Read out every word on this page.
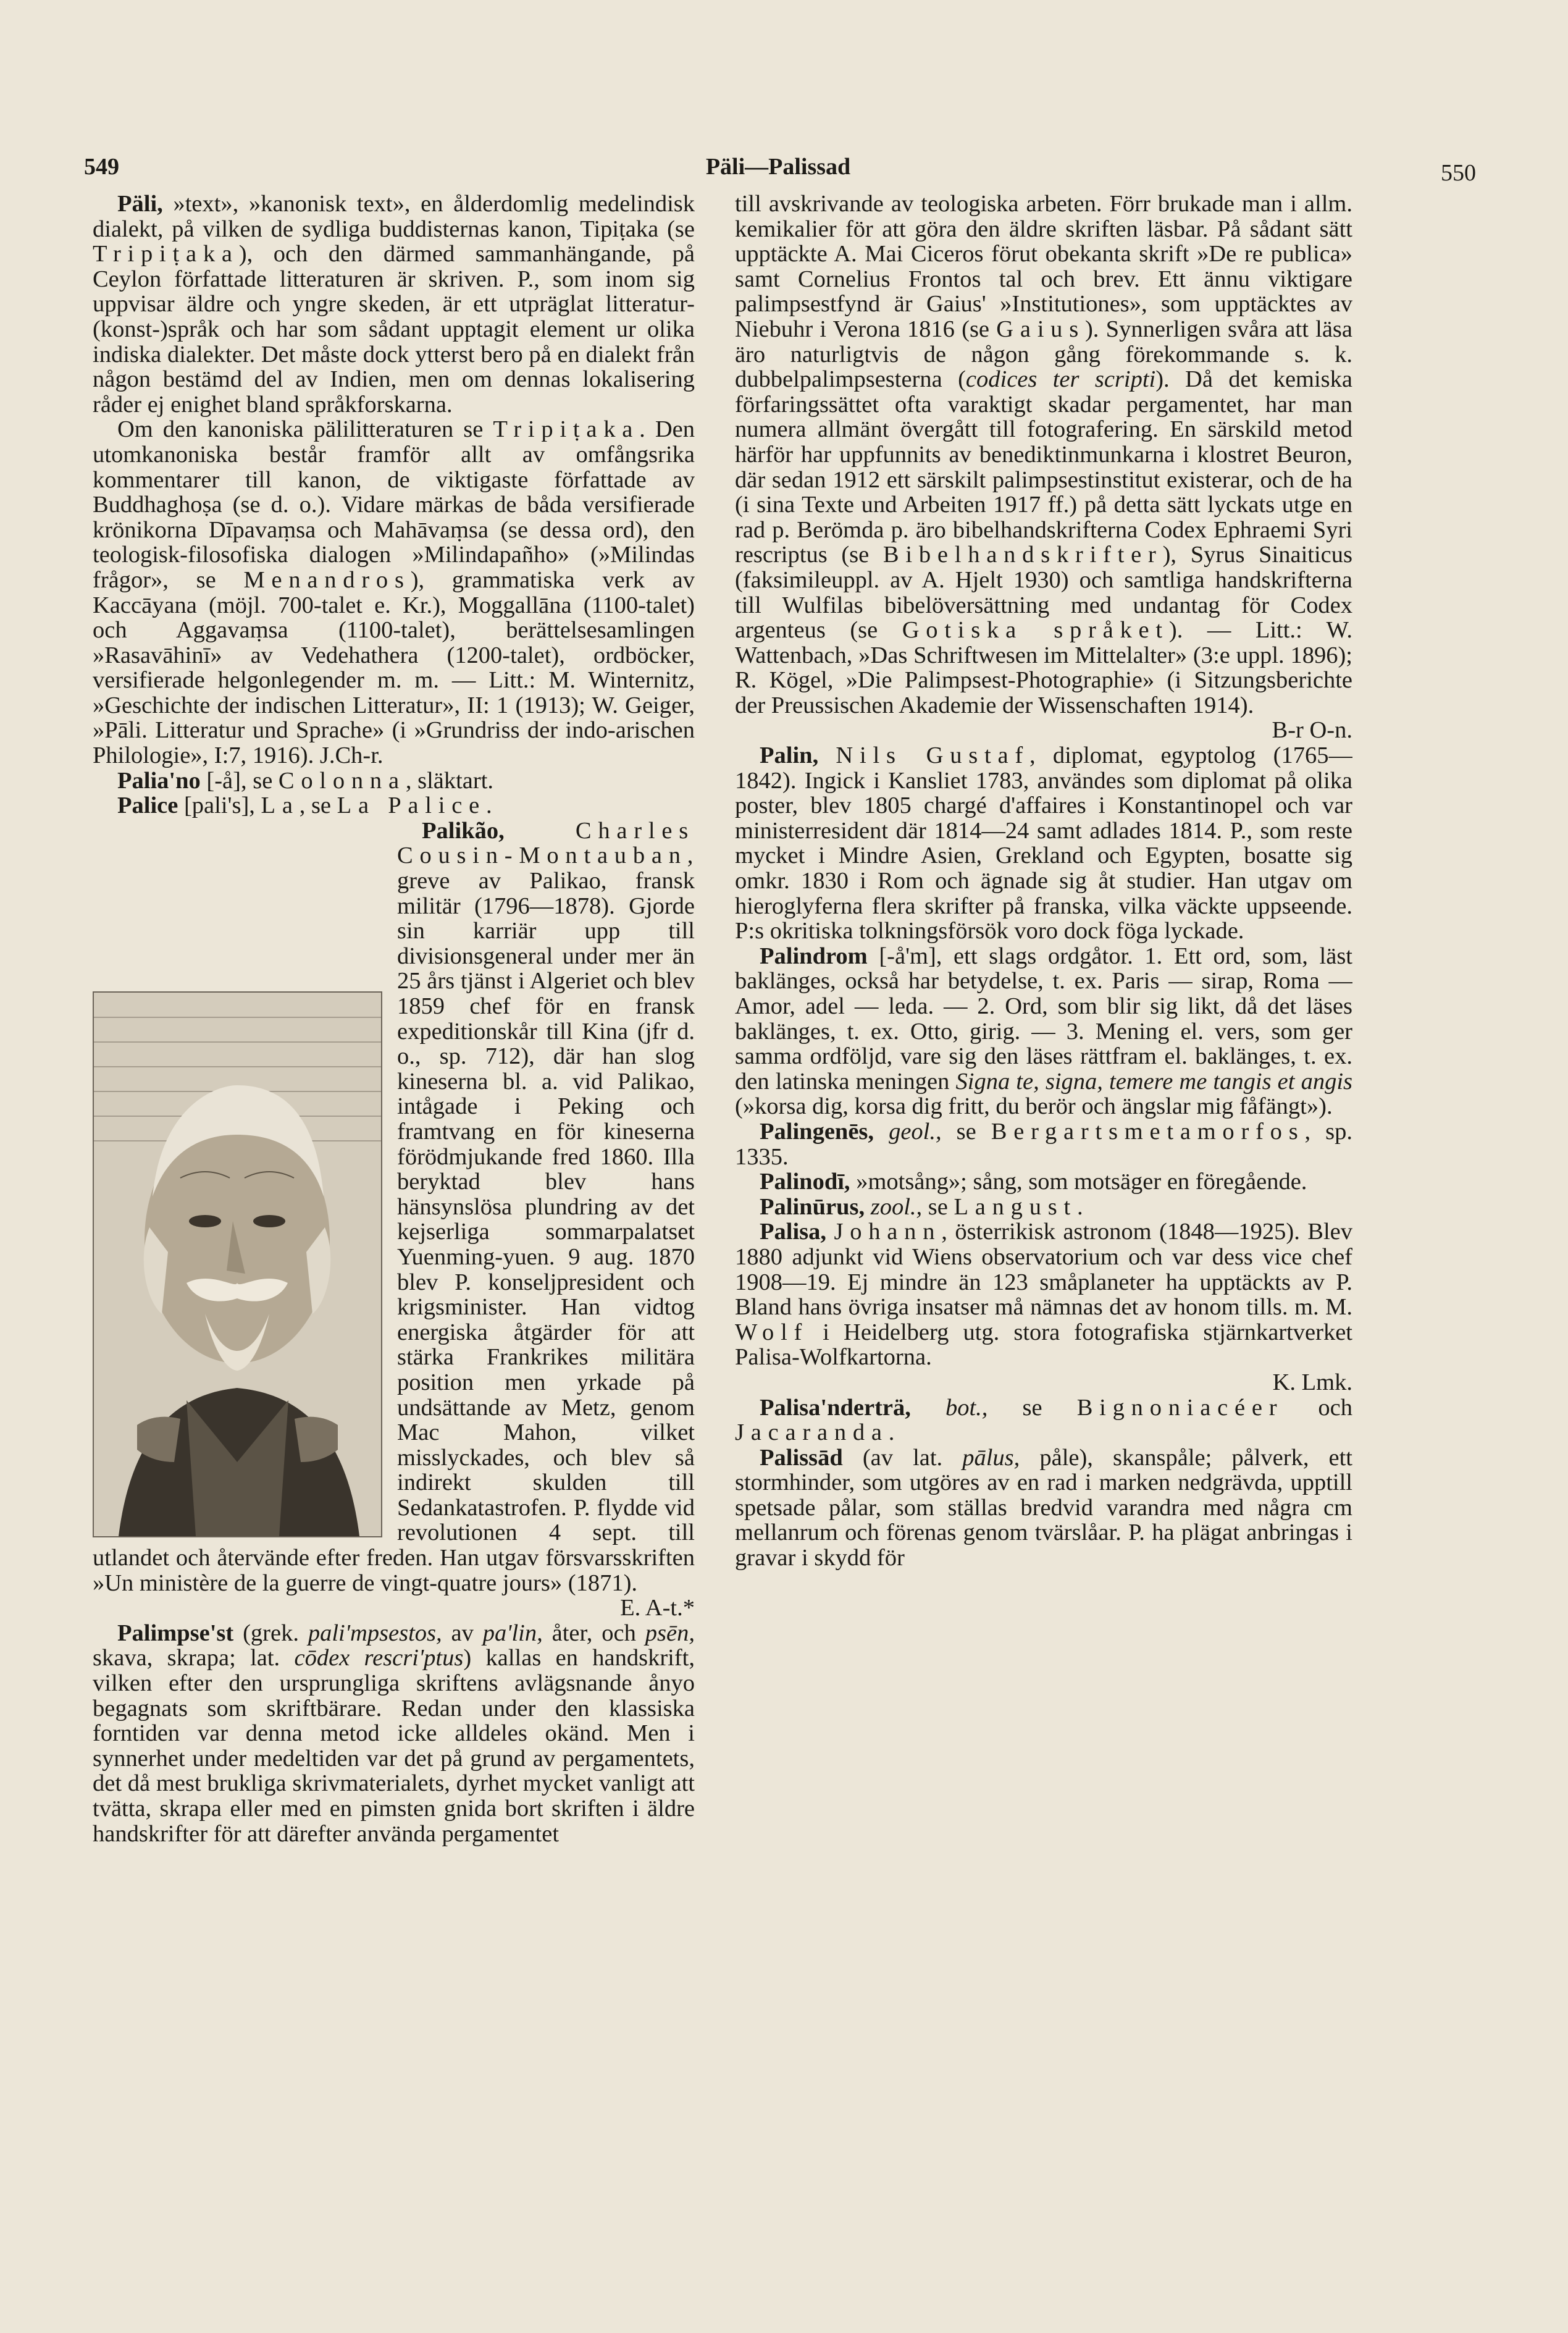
549	Päli—Palissad	550

Päli, »text», »kanonisk text», en ålderdomlig medelindisk dialekt, på vilken de sydliga buddisternas kanon, Tipiṭaka (se Tripiṭaka), och den därmed sammanhängande, på Ceylon författade litteraturen är skriven. P., som inom sig uppvisar äldre och yngre skeden, är ett utpräglat litteratur-(konst-)språk och har som sådant upptagit element ur olika indiska dialekter. Det måste dock ytterst bero på en dialekt från någon bestämd del av Indien, men om dennas lokalisering råder ej enighet bland språkforskarna.

Om den kanoniska pälilitteraturen se Tripiṭaka. Den utomkanoniska består framför allt av omfångsrika kommentarer till kanon, de viktigaste författade av Buddhaghoṣa (se d. o.). Vidare märkas de båda versifierade krönikorna Dīpavaṃsa och Mahāvaṃsa (se dessa ord), den teologisk-filosofiska dialogen »Milindapañho» (»Milindas frågor», se Menandros), grammatiska verk av Kaccāyana (möjl. 700-talet e. Kr.), Moggallāna (1100-talet) och Aggavaṃsa (1100-talet), berättelsesamlingen »Rasavāhinī» av Vedehathera (1200-talet), ordböcker, versifierade helgonlegender m. m. — Litt.: M. Winternitz, »Geschichte der indischen Litteratur», II: 1 (1913); W. Geiger, »Pāli. Litteratur und Sprache» (i »Grundriss der indo-arischen Philologie», I:7, 1916). J.Ch-r.

Palia'no [-å], se Colonna, släktart.

Palice [pali's], La, se La Palice.

Palikão,	Charles Cousin-Montauban, greve av Palikao, fransk militär (1796—1878). Gjorde sin karriär upp till divisionsgeneral under mer än 25 års tjänst i Algeriet och blev 1859 chef för en fransk expeditionskår till Kina (jfr d. o., sp. 712), där han slog kineserna bl. a. vid Palikao, intågade i Peking och framtvang en för kineserna förödmjukande fred 1860. Illa beryktad blev hans hänsynslösa plundring av det kejserliga sommarpalatset Yuenming-yuen. 9 aug. 1870 blev P. konseljpresident och krigsminister. Han vidtog energiska åtgärder för att stärka Frankrikes militära position men yrkade på undsättande av Metz, genom Mac Mahon, vilket misslyckades, och blev så indirekt skulden till Sedankatastrofen. P. flydde vid revolutionen 4 sept. till utlandet och återvände efter freden. Han utgav försvarsskriften »Un ministère de la guerre de vingt-quatre jours» (1871).

E. A-t.*

Palimpse'st (grek. pali'mpsestos, av pa'lin, åter, och psēn, skava, skrapa; lat. cōdex rescri'ptus) kallas en handskrift, vilken efter den ursprungliga skriftens avlägsnande ånyo begagnats som skriftbärare. Redan under den klassiska forntiden var denna metod icke alldeles okänd. Men i synnerhet under medeltiden var det på grund av pergamentets, det då mest brukliga skrivmaterialets, dyrhet mycket vanligt att tvätta, skrapa eller med en pimsten gnida bort skriften i äldre handskrifter för att därefter använda pergamentet

till avskrivande av teologiska arbeten. Förr brukade man i allm. kemikalier för att göra den äldre skriften läsbar. På sådant sätt upptäckte A. Mai Ciceros förut obekanta skrift »De re publica» samt Cornelius Frontos tal och brev. Ett ännu viktigare palimpsestfynd är Gaius' »Institutiones», som upptäcktes av Niebuhr i Verona 1816 (se Gaius). Synnerligen svåra att läsa äro naturligtvis de någon gång förekommande s. k. dubbelpalimpsesterna (codices ter scripti). Då det kemiska förfaringssättet ofta varaktigt skadar pergamentet, har man numera allmänt övergått till fotografering. En särskild metod härför har uppfunnits av benediktinmunkarna i klostret Beuron, där sedan 1912 ett särskilt palimpsestinstitut existerar, och de ha (i sina Texte und Arbeiten 1917 ff.) på detta sätt lyckats utge en rad p. Berömda p. äro bibelhandskrifterna Codex Ephraemi Syri rescriptus (se Bibelhandskrifter), Syrus Sinaiticus (faksimileuppl. av A. Hjelt 1930) och samtliga handskrifterna till Wulfilas bibelöversättning med undantag för Codex argenteus (se Gotiska språket). — Litt.: W. Wattenbach, »Das Schriftwesen im Mittelalter» (3:e uppl. 1896); R. Kögel, »Die Palimpsest-Photographie» (i Sitzungsberichte der Preussischen Akademie der Wissenschaften 1914).
B-r O-n.

Palin, Nils Gustaf, diplomat, egyptolog (1765—1842). Ingick i Kansliet 1783, användes som diplomat på olika poster, blev 1805 chargé d'affaires i Konstantinopel och var ministerresident där 1814—24 samt adlades 1814. P., som reste mycket i Mindre Asien, Grekland och Egypten, bosatte sig omkr. 1830 i Rom och ägnade sig åt studier. Han utgav om hieroglyferna flera skrifter på franska, vilka väckte uppseende. P:s okritiska tolkningsförsök voro dock föga lyckade.

Palindrom [-å'm], ett slags ordgåtor. 1. Ett ord, som, läst baklänges, också har betydelse, t. ex. Paris — sirap, Roma — Amor, adel — leda. — 2. Ord, som blir sig likt, då det läses baklänges, t. ex. Otto, girig. — 3. Mening el. vers, som ger samma ordföljd, vare sig den läses rättfram el. baklänges, t. ex. den latinska meningen Signa te, signa, temere me tangis et angis (»korsa dig, korsa dig fritt, du berör och ängslar mig fåfängt»).

Palingenēs, geol., se Bergartsmetamorfos, sp. 1335.

Palinodī, »motsång»; sång, som motsäger en föregående.

Palinūrus, zool., se Langust.

Palisa, Johann, österrikisk astronom (1848—1925). Blev 1880 adjunkt vid Wiens observatorium och var dess vice chef 1908—19. Ej mindre än 123 småplaneter ha upptäckts av P. Bland hans övriga insatser må nämnas det av honom tills. m. M. Wolf i Heidelberg utg. stora fotografiska stjärnkartverket Palisa-Wolfkartorna.
K. Lmk.

Palisa'nderträ, bot., se Bignoniacéer och Jacaranda.

Palissād (av lat. pālus, påle), skanspåle; pålverk, ett stormhinder, som utgöres av en rad i marken nedgrävda, upptill spetsade pålar, som ställas bredvid varandra med några cm mellanrum och förenas genom tvärslåar. P. ha plägat anbringas i gravar i skydd för
